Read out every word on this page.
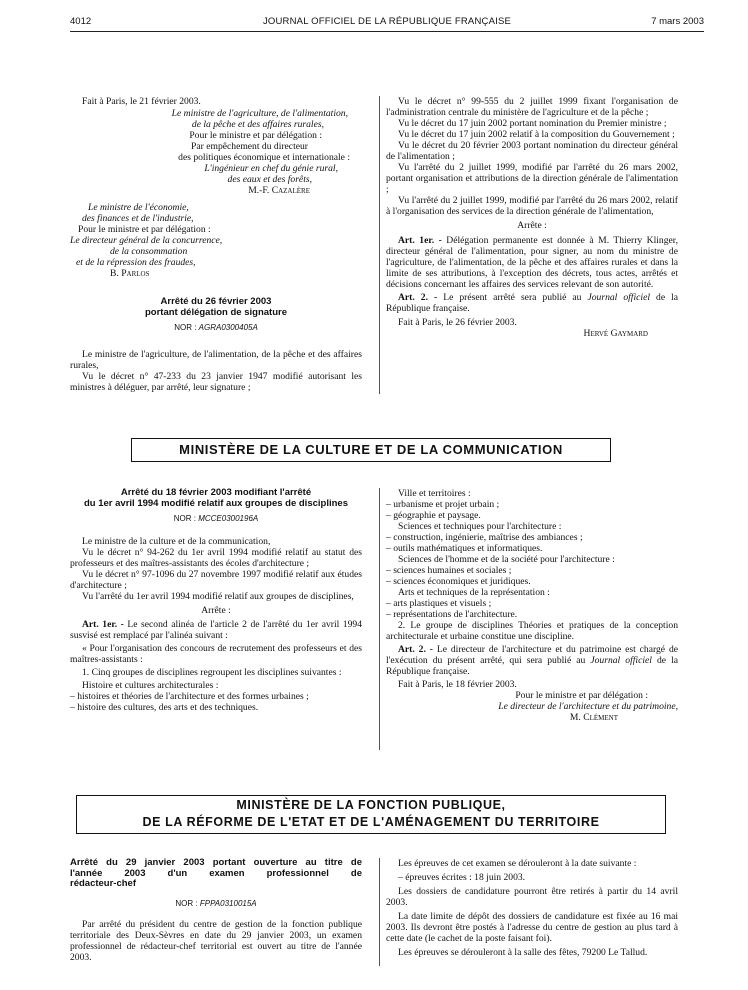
4012	JOURNAL OFFICIEL DE LA RÉPUBLIQUE FRANÇAISE	7 mars 2003

Fait à Paris, le 21 février 2003.

Le ministre de l'agriculture, de l'alimentation,

de la pêche et des affaires rurales,

Pour le ministre et par délégation :

Par empêchement du directeur

des politiques économique et internationale :

L'ingénieur en chef du génie rural,

des eaux et des forêts,

M.-F. Cazalère

Le ministre de l'économie,

des finances et de l'industrie,

Pour le ministre et par délégation :

Le directeur général de la concurrence,

de la consommation

et de la répression des fraudes,

B. Parlos

Arrêté du 26 février 2003

portant délégation de signature

NOR : AGRA0300405A

Le ministre de l'agriculture, de l'alimentation, de la pêche et des affaires rurales,

Vu le décret n° 47-233 du 23 janvier 1947 modifié autorisant les ministres à déléguer, par arrêté, leur signature ;

Vu le décret n° 99-555 du 2 juillet 1999 fixant l'organisation de l'administration centrale du ministère de l'agriculture et de la pêche ;

Vu le décret du 17 juin 2002 portant nomination du Premier ministre ;

Vu le décret du 17 juin 2002 relatif à la composition du Gouvernement ;

Vu le décret du 20 février 2003 portant nomination du directeur général de l'alimentation ;

Vu l'arrêté du 2 juillet 1999, modifié par l'arrêté du 26 mars 2002, portant organisation et attributions de la direction générale de l'alimentation ;

Vu l'arrêté du 2 juillet 1999, modifié par l'arrêté du 26 mars 2002, relatif à l'organisation des services de la direction générale de l'alimentation,

Arrête :

Art. 1er. - Délégation permanente est donnée à M. Thierry Klinger, directeur général de l'alimentation, pour signer, au nom du ministre de l'agriculture, de l'alimentation, de la pêche et des affaires rurales et dans la limite de ses attributions, à l'exception des décrets, tous actes, arrêtés et décisions concernant les affaires des services relevant de son autorité.

Art. 2. - Le présent arrêté sera publié au Journal officiel de la République française.

Fait à Paris, le 26 février 2003.

Hervé Gaymard

MINISTÈRE DE LA CULTURE ET DE LA COMMUNICATION

Arrêté du 18 février 2003 modifiant l'arrêté

du 1er avril 1994 modifié relatif aux groupes de disciplines

NOR : MCCE0300196A

Le ministre de la culture et de la communication,

Vu le décret n° 94-262 du 1er avril 1994 modifié relatif au statut des professeurs et des maîtres-assistants des écoles d'architecture ;

Vu le décret n° 97-1096 du 27 novembre 1997 modifié relatif aux études d'architecture ;

Vu l'arrêté du 1er avril 1994 modifié relatif aux groupes de disciplines,

Arrête :

Art. 1er. - Le second alinéa de l'article 2 de l'arrêté du 1er avril 1994 susvisé est remplacé par l'alinéa suivant :

« Pour l'organisation des concours de recrutement des professeurs et des maîtres-assistants :

1. Cinq groupes de disciplines regroupent les disciplines suivantes :

Histoire et cultures architecturales :

– histoires et théories de l'architecture et des formes urbaines ;

– histoire des cultures, des arts et des techniques.

Ville et territoires :

– urbanisme et projet urbain ;

– géographie et paysage.

Sciences et techniques pour l'architecture :

– construction, ingénierie, maîtrise des ambiances ;

– outils mathématiques et informatiques.

Sciences de l'homme et de la société pour l'architecture :

– sciences humaines et sociales ;

– sciences économiques et juridiques.

Arts et techniques de la représentation :

– arts plastiques et visuels ;

– représentations de l'architecture.

2. Le groupe de disciplines Théories et pratiques de la conception architecturale et urbaine constitue une discipline.

Art. 2. - Le directeur de l'architecture et du patrimoine est chargé de l'exécution du présent arrêté, qui sera publié au Journal officiel de la République française.

Fait à Paris, le 18 février 2003.

Pour le ministre et par délégation :

Le directeur de l'architecture et du patrimoine,

M. Clément

MINISTÈRE DE LA FONCTION PUBLIQUE,
DE LA RÉFORME DE L'ETAT ET DE L'AMÉNAGEMENT DU TERRITOIRE

Arrêté du 29 janvier 2003 portant ouverture au titre de

l'année 2003 d'un examen professionnel de

rédacteur-chef

NOR : FPPA0310015A

Par arrêté du président du centre de gestion de la fonction publique territoriale des Deux-Sèvres en date du 29 janvier 2003, un examen professionnel de rédacteur-chef territorial est ouvert au titre de l'année 2003.

Les épreuves de cet examen se dérouleront à la date suivante :

– épreuves écrites : 18 juin 2003.

Les dossiers de candidature pourront être retirés à partir du 14 avril 2003.

La date limite de dépôt des dossiers de candidature est fixée au 16 mai 2003. Ils devront être postés à l'adresse du centre de gestion au plus tard à cette date (le cachet de la poste faisant foi).

Les épreuves se dérouleront à la salle des fêtes, 79200 Le Tallud.
